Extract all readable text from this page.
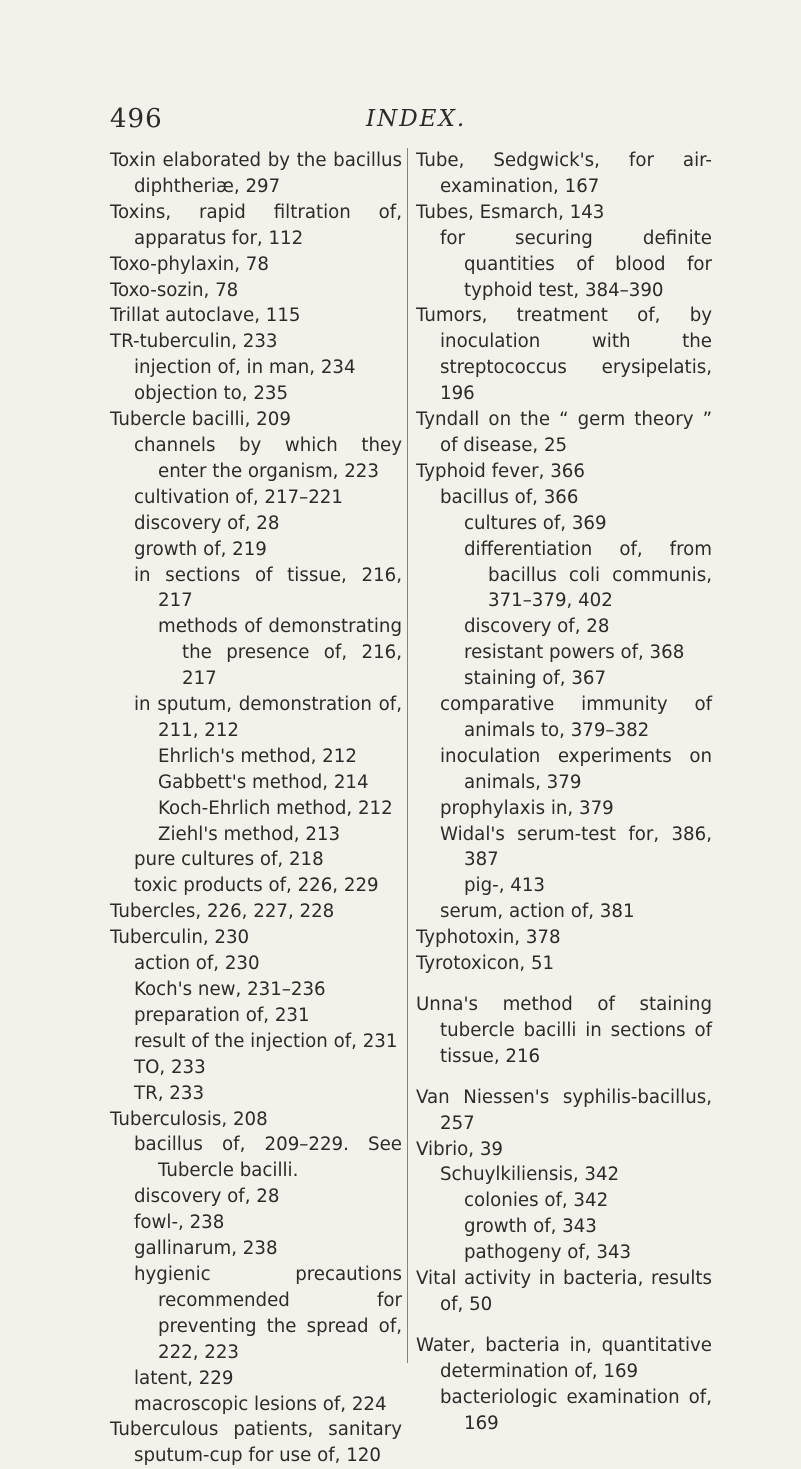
496	INDEX.
Toxin elaborated by the bacillus diphtheriæ, 297
Toxins, rapid filtration of, apparatus for, 112
Toxo-phylaxin, 78
Toxo-sozin, 78
Trillat autoclave, 115
TR-tuberculin, 233
injection of, in man, 234
objection to, 235
Tubercle bacilli, 209
channels by which they enter the organism, 223
cultivation of, 217–221
discovery of, 28
growth of, 219
in sections of tissue, 216, 217
methods of demonstrating the presence of, 216, 217
in sputum, demonstration of, 211, 212
Ehrlich's method, 212
Gabbett's method, 214
Koch-Ehrlich method, 212
Ziehl's method, 213
pure cultures of, 218
toxic products of, 226, 229
Tubercles, 226, 227, 228
Tuberculin, 230
action of, 230
Koch's new, 231–236
preparation of, 231
result of the injection of, 231
TO, 233
TR, 233
Tuberculosis, 208
bacillus of, 209–229. See Tubercle bacilli.
discovery of, 28
fowl-, 238
gallinarum, 238
hygienic precautions recommended for preventing the spread of, 222, 223
latent, 229
macroscopic lesions of, 224
Tuberculous patients, sanitary sputum-cup for use of, 120
Tube, Sedgwick's, for air-examination, 167
Tubes, Esmarch, 143
for securing definite quantities of blood for typhoid test, 384–390
Tumors, treatment of, by inoculation with the streptococcus erysipelatis, 196
Tyndall on the “ germ theory ” of disease, 25
Typhoid fever, 366
bacillus of, 366
cultures of, 369
differentiation of, from bacillus coli communis, 371–379, 402
discovery of, 28
resistant powers of, 368
staining of, 367
comparative immunity of animals to, 379–382
inoculation experiments on animals, 379
prophylaxis in, 379
Widal's serum-test for, 386, 387
pig-, 413
serum, action of, 381
Typhotoxin, 378
Tyrotoxicon, 51
Unna's method of staining tubercle bacilli in sections of tissue, 216
Van Niessen's syphilis-bacillus, 257
Vibrio, 39
Schuylkiliensis, 342
colonies of, 342
growth of, 343
pathogeny of, 343
Vital activity in bacteria, results of, 50
Water, bacteria in, quantitative determination of, 169
bacteriologic examination of, 169
